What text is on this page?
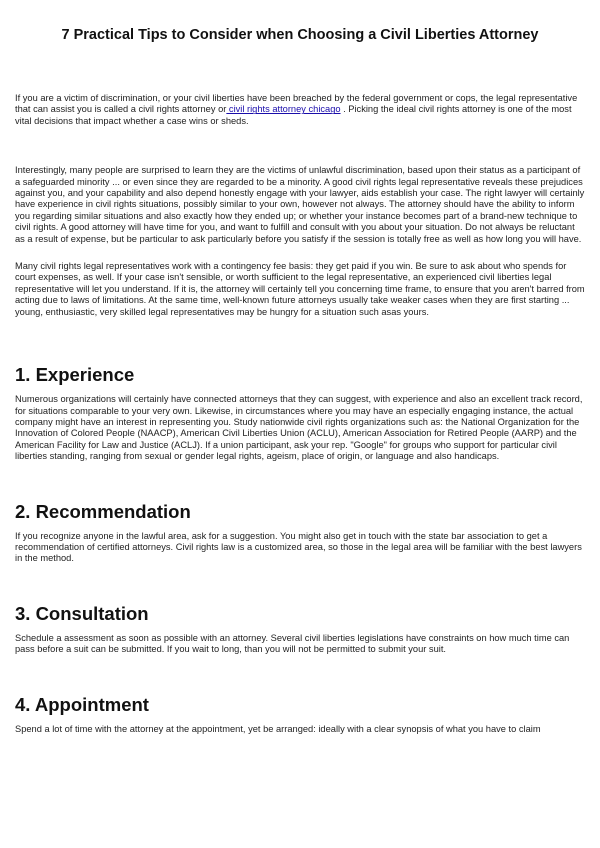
7 Practical Tips to Consider when Choosing a Civil Liberties Attorney

If you are a victim of discrimination, or your civil liberties have been breached by the federal government or cops, the legal representative that can assist you is called a civil rights attorney or civil rights attorney chicago . Picking the ideal civil rights attorney is one of the most vital decisions that impact whether a case wins or sheds.

Interestingly, many people are surprised to learn they are the victims of unlawful discrimination, based upon their status as a participant of a safeguarded minority ... or even since they are regarded to be a minority. A good civil rights legal representative reveals these prejudices against you, and your capability and also depend honestly engage with your lawyer, aids establish your case. The right lawyer will certainly have experience in civil rights situations, possibly similar to your own, however not always. The attorney should have the ability to inform you regarding similar situations and also exactly how they ended up; or whether your instance becomes part of a brand-new technique to civil rights. A good attorney will have time for you, and want to fulfill and consult with you about your situation. Do not always be reluctant as a result of expense, but be particular to ask particularly before you satisfy if the session is totally free as well as how long you will have.

Many civil rights legal representatives work with a contingency fee basis: they get paid if you win. Be sure to ask about who spends for court expenses, as well. If your case isn't sensible, or worth sufficient to the legal representative, an experienced civil liberties legal representative will let you understand. If it is, the attorney will certainly tell you concerning time frame, to ensure that you aren't barred from acting due to laws of limitations. At the same time, well-known future attorneys usually take weaker cases when they are first starting ... young, enthusiastic, very skilled legal representatives may be hungry for a situation such asas yours.

1. Experience

Numerous organizations will certainly have connected attorneys that they can suggest, with experience and also an excellent track record, for situations comparable to your very own. Likewise, in circumstances where you may have an especially engaging instance, the actual company might have an interest in representing you. Study nationwide civil rights organizations such as: the National Organization for the Innovation of Colored People (NAACP), American Civil Liberties Union (ACLU), American Association for Retired People (AARP) and the American Facility for Law and Justice (ACLJ). If a union participant, ask your rep. "Google" for groups who support for particular civil liberties standing, ranging from sexual or gender legal rights, ageism, place of origin, or language and also handicaps.

2. Recommendation

If you recognize anyone in the lawful area, ask for a suggestion. You might also get in touch with the state bar association to get a recommendation of certified attorneys. Civil rights law is a customized area, so those in the legal area will be familiar with the best lawyers in the method.

3. Consultation

Schedule a assessment as soon as possible with an attorney. Several civil liberties legislations have constraints on how much time can pass before a suit can be submitted. If you wait to long, than you will not be permitted to submit your suit.

4. Appointment

Spend a lot of time with the attorney at the appointment, yet be arranged: ideally with a clear synopsis of what you have to claim
